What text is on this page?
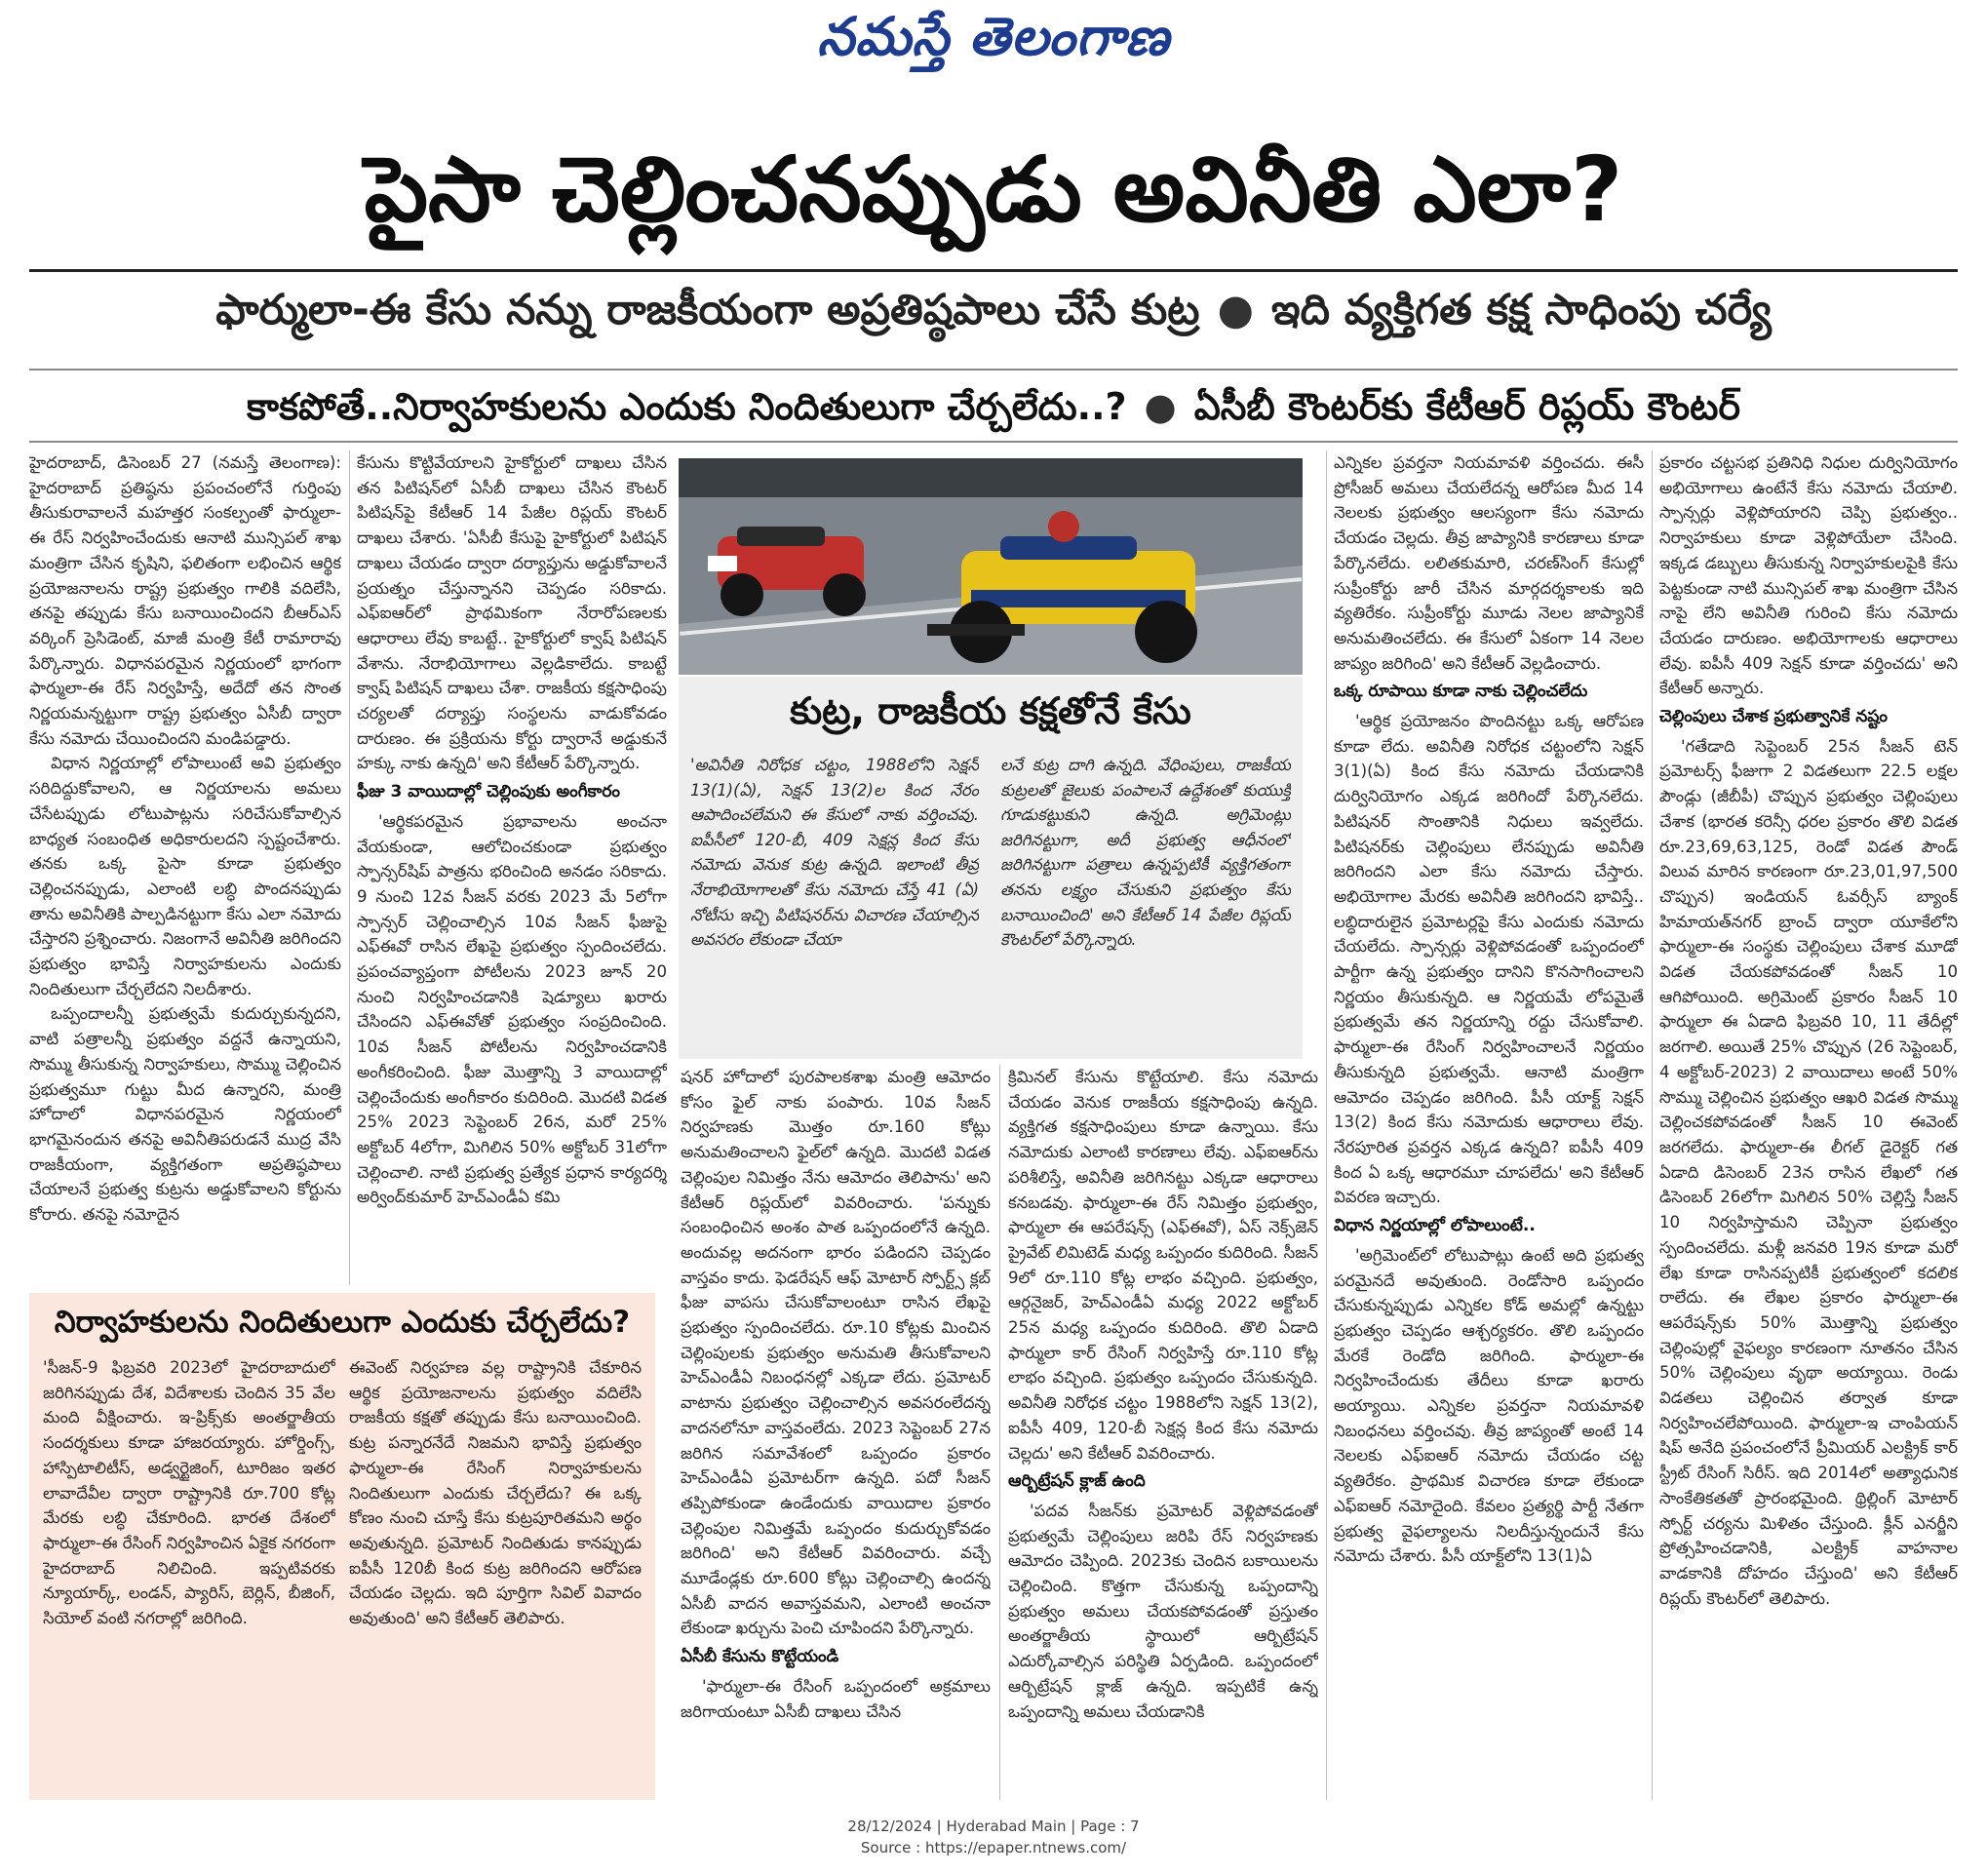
నమస్తే తెలంగాణ
పైసా చెల్లించనప్పుడు అవినీతి ఎలా?
ఫార్ములా-ఈ కేసు నన్ను రాజకీయంగా అప్రతిష్ఠపాలు చేసే కుట్ర ● ఇది వ్యక్తిగత కక్ష సాధింపు చర్యే
కాకపోతే..నిర్వాహకులను ఎందుకు నిందితులుగా చేర్చలేదు..? ● ఏసీబీ కౌంటర్‌కు కేటీఆర్ రిప్లయ్ కౌంటర్

హైదరాబాద్, డిసెంబర్ 27 (నమస్తే తెలంగాణ): హైదరాబాద్ ప్రతిష్ఠను ప్రపంచంలోనే గుర్తింపు తీసుకురావాలనే మహత్తర సంకల్పంతో ఫార్ములా-ఈ రేస్ నిర్వహించేందుకు ఆనాటి మున్సిపల్ శాఖ మంత్రిగా చేసిన కృషిని, ఫలితంగా లభించిన ఆర్థిక ప్రయోజనాలను రాష్ట్ర ప్రభుత్వం గాలికి వదిలేసి, తనపై తప్పుడు కేసు బనాయించిందని బీఆర్‌ఎస్ వర్కింగ్ ప్రెసిడెంట్, మాజీ మంత్రి కేటీ రామారావు పేర్కొన్నారు. విధానపరమైన నిర్ణయంలో భాగంగా ఫార్ములా-ఈ రేస్ నిర్వహిస్తే, అదేదో తన సొంత నిర్ణయమన్నట్టుగా రాష్ట్ర ప్రభుత్వం ఏసీబీ ద్వారా కేసు నమోదు చేయించిందని మండిపడ్డారు.

విధాన నిర్ణయాల్లో లోపాలుంటే అవి ప్రభుత్వం సరిదిద్దుకోవాలని, ఆ నిర్ణయాలను అమలు చేసేటప్పుడు లోటుపాట్లను సరిచేసుకోవాల్సిన బాధ్యత సంబంధిత అధికారులదని స్పష్టంచేశారు. తనకు ఒక్క పైసా కూడా ప్రభుత్వం చెల్లించనప్పుడు, ఎలాంటి లబ్ధి పొందనప్పుడు తాను అవినీతికి పాల్పడినట్టుగా కేసు ఎలా నమోదు చేస్తారని ప్రశ్నించారు. నిజంగానే అవినీతి జరిగిందని ప్రభుత్వం భావిస్తే నిర్వాహకులను ఎందుకు నిందితులుగా చేర్చలేదని నిలదీశారు.

ఒప్పందాలన్నీ ప్రభుత్వమే కుదుర్చుకున్నదని, వాటి పత్రాలన్నీ ప్రభుత్వం వద్దనే ఉన్నాయని, సొమ్ము తీసుకున్న నిర్వాహకులు, సొమ్ము చెల్లించిన ప్రభుత్వమూ గుట్టు మీద ఉన్నారని, మంత్రి హోదాలో విధానపరమైన నిర్ణయంలో భాగమైనందున తనపై అవినీతిపరుడనే ముద్ర వేసి రాజకీయంగా, వ్యక్తిగతంగా అప్రతిష్ఠపాలు చేయాలనే ప్రభుత్వ కుట్రను అడ్డుకోవాలని కోర్టును కోరారు. తనపై నమోదైన

కేసును కొట్టివేయాలని హైకోర్టులో దాఖలు చేసిన తన పిటిషన్‌లో ఏసీబీ దాఖలు చేసిన కౌంటర్ పిటిషన్‌పై కేటీఆర్ 14 పేజీల రిప్లయ్ కౌంటర్ దాఖలు చేశారు. 'ఏసీబీ కేసుపై హైకోర్టులో పిటిషన్ దాఖలు చేయడం ద్వారా దర్యాప్తును అడ్డుకోవాలనే ప్రయత్నం చేస్తున్నానని చెప్పడం సరికాదు. ఎఫ్ఐఆర్‌లో ప్రాథమికంగా నేరారోపణలకు ఆధారాలు లేవు కాబట్టే.. హైకోర్టులో క్వాష్ పిటిషన్ వేశాను. నేరాభియోగాలు వెల్లడికాలేదు. కాబట్టే క్వాష్ పిటిషన్ దాఖలు చేశా. రాజకీయ కక్షసాధింపు చర్యలతో దర్యాప్తు సంస్థలను వాడుకోవడం దారుణం. ఈ ప్రక్రియను కోర్టు ద్వారానే అడ్డుకునే హక్కు నాకు ఉన్నది' అని కేటీఆర్ పేర్కొన్నారు.

ఫీజు 3 వాయిదాల్లో చెల్లింపుకు అంగీకారం

'ఆర్థికపరమైన ప్రభావాలను అంచనా వేయకుండా, ఆలోచించకుండా ప్రభుత్వం స్పాన్సర్‌షిప్ పాత్రను భరించింది అనడం సరికాదు. 9 నుంచి 12వ సీజన్ వరకు 2023 మే 5లోగా స్పాన్సర్ చెల్లించాల్సిన 10వ సీజన్ ఫీజుపై ఎఫ్ఈవో రాసిన లేఖపై ప్రభుత్వం స్పందించలేదు. ప్రపంచవ్యాప్తంగా పోటీలను 2023 జూన్ 20 నుంచి నిర్వహించడానికి షెడ్యూలు ఖరారు చేసిందని ఎఫ్ఈవోతో ప్రభుత్వం సంప్రదించింది. 10వ సీజన్ పోటీలను నిర్వహించడానికి అంగీకరించింది. ఫీజు మొత్తాన్ని 3 వాయిదాల్లో చెల్లించేందుకు అంగీకారం కుదిరింది. మొదటి విడత 25% 2023 సెప్టెంబర్ 26న, మరో 25% అక్టోబర్ 4లోగా, మిగిలిన 50% అక్టోబర్ 31లోగా చెల్లించాలి. నాటి ప్రభుత్వ ప్రత్యేక ప్రధాన కార్యదర్శి అర్వింద్‌కుమార్ హెచ్ఎండీఏ కమి

కుట్ర, రాజకీయ కక్షతోనే కేసు

'అవినీతి నిరోధక చట్టం, 1988లోని సెక్షన్ 13(1)(ఏ), సెక్షన్ 13(2)ల కింద నేరం ఆపాదించలేమని ఈ కేసులో నాకు వర్తించవు. ఐపీసీలో 120-బీ, 409 సెక్షన్ల కింద కేసు నమోదు వెనుక కుట్ర ఉన్నది. ఇలాంటి తీవ్ర నేరాభియోగాలతో కేసు నమోదు చేస్తే 41 (ఏ) నోటీసు ఇచ్చి పిటిషనర్‌ను విచారణ చేయాల్సిన అవసరం లేకుండా చేయా

లనే కుట్ర దాగి ఉన్నది. వేధింపులు, రాజకీయ కుట్రలతో జైలుకు పంపాలనే ఉద్దేశంతో కుయుక్తి గూడుకట్టుకుని ఉన్నది. అగ్రిమెంట్లు జరిగినట్టుగా, అదీ ప్రభుత్వ ఆధీనంలో జరిగినట్టుగా పత్రాలు ఉన్నప్పటికీ వ్యక్తిగతంగా తనను లక్ష్యం చేసుకుని ప్రభుత్వం కేసు బనాయించింది' అని కేటీఆర్ 14 పేజీల రిప్లయ్ కౌంటర్‌లో పేర్కొన్నారు.

షనర్ హోదాలో పురపాలకశాఖ మంత్రి ఆమోదం కోసం ఫైల్ నాకు పంపారు. 10వ సీజన్ నిర్వహణకు మొత్తం రూ.160 కోట్లు అనుమతించాలని ఫైల్‌లో ఉన్నది. మొదటి విడత చెల్లింపుల నిమిత్తం నేను ఆమోదం తెలిపాను' అని కేటీఆర్ రిప్లయ్‌లో వివరించారు. 'పన్నుకు సంబంధించిన అంశం పాత ఒప్పందంలోనే ఉన్నది. అందువల్ల అదనంగా భారం పడిందని చెప్పడం వాస్తవం కాదు. ఫెడరేషన్ ఆఫ్ మోటార్ స్పోర్ట్స్ క్లబ్ ఫీజు వాపసు చేసుకోవాలంటూ రాసిన లేఖపై ప్రభుత్వం స్పందించలేదు. రూ.10 కోట్లకు మించిన చెల్లింపులకు ప్రభుత్వం అనుమతి తీసుకోవాలని హెచ్ఎండీఏ నిబంధనల్లో ఎక్కడా లేదు. ప్రమోటర్ వాటాను ప్రభుత్వం చెల్లించాల్సిన అవసరంలేదన్న వాదనలోనూ వాస్తవంలేదు. 2023 సెప్టెంబర్ 27న జరిగిన సమావేశంలో ఒప్పందం ప్రకారం హెచ్ఎండీఏ ప్రమోటర్‌గా ఉన్నది. పదో సీజన్ తప్పిపోకుండా ఉండేందుకు వాయిదాల ప్రకారం చెల్లింపుల నిమిత్తమే ఒప్పందం కుదుర్చుకోవడం జరిగింది' అని కేటీఆర్ వివరించారు. వచ్చే మూడేండ్లకు రూ.600 కోట్లు చెల్లించాల్సి ఉందన్న ఏసీబీ వాదన అవాస్తవమని, ఎలాంటి అంచనా లేకుండా ఖర్చును పెంచి చూపిందని పేర్కొన్నారు.

ఏసీబీ కేసును కొట్టేయండి

'ఫార్ములా-ఈ రేసింగ్ ఒప్పందంలో అక్రమాలు జరిగాయంటూ ఏసీబీ దాఖలు చేసిన

క్రిమినల్ కేసును కొట్టేయాలి. కేసు నమోదు చేయడం వెనుక రాజకీయ కక్షసాధింపు ఉన్నది. వ్యక్తిగత కక్షసాధింపులు కూడా ఉన్నాయి. కేసు నమోదుకు ఎలాంటి కారణాలు లేవు. ఎఫ్ఐఆర్‌ను పరిశీలిస్తే, అవినీతి జరిగినట్టు ఎక్కడా ఆధారాలు కనబడవు. ఫార్ములా-ఈ రేస్ నిమిత్తం ప్రభుత్వం, ఫార్ములా ఈ ఆపరేషన్స్ (ఎఫ్ఈవో), ఏస్ నెక్స్‌జెన్ ప్రైవేట్ లిమిటెడ్ మధ్య ఒప్పందం కుదిరింది. సీజన్ 9లో రూ.110 కోట్ల లాభం వచ్చింది. ప్రభుత్వం, ఆర్గనైజర్, హెచ్ఎండీఏ మధ్య 2022 అక్టోబర్ 25న మధ్య ఒప్పందం కుదిరింది. తొలి ఏడాది ఫార్ములా కార్ రేసింగ్ నిర్వహిస్తే రూ.110 కోట్ల లాభం వచ్చింది. ప్రభుత్వం ఒప్పందం చేసుకున్నది. అవినీతి నిరోధక చట్టం 1988లోని సెక్షన్ 13(2), ఐపీసీ 409, 120-బీ సెక్షన్ల కింద కేసు నమోదు చెల్లదు' అని కేటీఆర్ వివరించారు.

ఆర్బిట్రేషన్ క్లాజ్ ఉంది

'పదవ సీజన్‌కు ప్రమోటర్ వెళ్లిపోవడంతో ప్రభుత్వమే చెల్లింపులు జరిపి రేస్ నిర్వహణకు ఆమోదం చెప్పింది. 2023కు చెందిన బకాయిలను చెల్లించింది. కొత్తగా చేసుకున్న ఒప్పందాన్ని ప్రభుత్వం అమలు చేయకపోవడంతో ప్రస్తుతం అంతర్జాతీయ స్థాయిలో ఆర్బిట్రేషన్ ఎదుర్కోవాల్సిన పరిస్థితి ఏర్పడింది. ఒప్పందంలో ఆర్బిట్రేషన్ క్లాజ్ ఉన్నది. ఇప్పటికే ఉన్న ఒప్పందాన్ని అమలు చేయడానికి

ఎన్నికల ప్రవర్తనా నియమావళి వర్తించదు. ఈసీ ప్రోసీజర్ అమలు చేయలేదన్న ఆరోపణ మీద 14 నెలలకు ప్రభుత్వం ఆలస్యంగా కేసు నమోదు చేయడం చెల్లదు. తీవ్ర జాప్యానికి కారణాలు కూడా పేర్కొనలేదు. లలితకుమారి, చరణ్‌సింగ్ కేసుల్లో సుప్రీంకోర్టు జారీ చేసిన మార్గదర్శకాలకు ఇది వ్యతిరేకం. సుప్రీంకోర్టు మూడు నెలల జాప్యానికే అనుమతించలేదు. ఈ కేసులో ఏకంగా 14 నెలల జాప్యం జరిగింది' అని కేటీఆర్ వెల్లడించారు.

ఒక్క రూపాయి కూడా నాకు చెల్లించలేదు

'ఆర్థిక ప్రయోజనం పొందినట్టు ఒక్క ఆరోపణ కూడా లేదు. అవినీతి నిరోధక చట్టంలోని సెక్షన్ 3(1)(ఏ) కింద కేసు నమోదు చేయడానికి దుర్వినియోగం ఎక్కడ జరిగిందో పేర్కొనలేదు. పిటిషనర్ సొంతానికి నిధులు ఇవ్వలేదు. పిటిషనర్‌కు చెల్లింపులు లేనప్పుడు అవినీతి జరిగిందని ఎలా కేసు నమోదు చేస్తారు. అభియోగాల మేరకు అవినీతి జరిగిందని భావిస్తే.. లబ్ధిదారులైన ప్రమోటర్లపై కేసు ఎందుకు నమోదు చేయలేదు. స్పాన్సర్లు వెళ్లిపోవడంతో ఒప్పందంలో పార్టీగా ఉన్న ప్రభుత్వం దానిని కొనసాగించాలని నిర్ణయం తీసుకున్నది. ఆ నిర్ణయమే లోపమైతే ప్రభుత్వమే తన నిర్ణయాన్ని రద్దు చేసుకోవాలి. ఫార్ములా-ఈ రేసింగ్ నిర్వహించాలనే నిర్ణయం తీసుకున్నది ప్రభుత్వమే. ఆనాటి మంత్రిగా ఆమోదం చెప్పడం జరిగింది. పీసీ యాక్ట్ సెక్షన్ 13(2) కింద కేసు నమోదుకు ఆధారాలు లేవు. నేరపూరిత ప్రవర్తన ఎక్కడ ఉన్నది? ఐపీసీ 409 కింద ఏ ఒక్క ఆధారమూ చూపలేదు' అని కేటీఆర్ వివరణ ఇచ్చారు.

విధాన నిర్ణయాల్లో లోపాలుంటే..

'అగ్రిమెంట్‌లో లోటుపాట్లు ఉంటే అది ప్రభుత్వ పరమైనదే అవుతుంది. రెండోసారి ఒప్పందం చేసుకున్నప్పుడు ఎన్నికల కోడ్ అమల్లో ఉన్నట్టు ప్రభుత్వం చెప్పడం ఆశ్చర్యకరం. తొలి ఒప్పందం మేరకే రెండోది జరిగింది. ఫార్ములా-ఈ నిర్వహించేందుకు తేదీలు కూడా ఖరారు అయ్యాయి. ఎన్నికల ప్రవర్తనా నియమావళి నిబంధనలు వర్తించవు. తీవ్ర జాప్యంతో అంటే 14 నెలలకు ఎఫ్ఐఆర్ నమోదు చేయడం చట్ట వ్యతిరేకం. ప్రాథమిక విచారణ కూడా లేకుండా ఎఫ్ఐఆర్ నమోదైంది. కేవలం ప్రత్యర్థి పార్టీ నేతగా ప్రభుత్వ వైఫల్యాలను నిలదీస్తున్నందునే కేసు నమోదు చేశారు. పీసీ యాక్ట్‌లోని 13(1)ఏ

ప్రకారం చట్టసభ ప్రతినిధి నిధుల దుర్వినియోగం అభియోగాలు ఉంటేనే కేసు నమోదు చేయాలి. స్పాన్సర్లు వెళ్లిపోయారని చెప్పి ప్రభుత్వం.. నిర్వాహకులు కూడా వెళ్లిపోయేలా చేసింది. ఇక్కడ డబ్బులు తీసుకున్న నిర్వాహకులపైకి కేసు పెట్టకుండా నాటి మున్సిపల్ శాఖ మంత్రిగా చేసిన నాపై లేని అవినీతి గురించి కేసు నమోదు చేయడం దారుణం. అభియోగాలకు ఆధారాలు లేవు. ఐపీసీ 409 సెక్షన్ కూడా వర్తించదు' అని కేటీఆర్ అన్నారు.

చెల్లింపులు చేశాక ప్రభుత్వానికే నష్టం

'గతేడాది సెప్టెంబర్ 25న సీజన్ టెన్ ప్రమోటర్స్ ఫీజుగా 2 విడతలుగా 22.5 లక్షల పౌండ్లు (జీబీపీ) చొప్పున ప్రభుత్వం చెల్లింపులు చేశాక (భారత కరెన్సీ ధరల ప్రకారం తొలి విడత రూ.23,69,63,125, రెండో విడత పౌండ్ విలువ మారిన కారణంగా రూ.23,01,97,500 చొప్పున) ఇండియన్ ఓవర్సీస్ బ్యాంక్ హిమాయత్‌నగర్ బ్రాంచ్ ద్వారా యూకేలోని ఫార్ములా-ఈ సంస్థకు చెల్లింపులు చేశాక మూడో విడత చేయకపోవడంతో సీజన్ 10 ఆగిపోయింది. అగ్రిమెంట్ ప్రకారం సీజన్ 10 ఫార్ములా ఈ ఏడాది ఫిబ్రవరి 10, 11 తేదీల్లో జరగాలి. అయితే 25% చొప్పున (26 సెప్టెంబర్, 4 అక్టోబర్-2023) 2 వాయిదాలు అంటే 50% సొమ్ము చెల్లించిన ప్రభుత్వం ఆఖరి విడత సొమ్ము చెల్లించకపోవడంతో సీజన్ 10 ఈవెంట్ జరగలేదు. ఫార్ములా-ఈ లీగల్ డైరెక్టర్ గత ఏడాది డిసెంబర్ 23న రాసిన లేఖలో గత డిసెంబర్ 26లోగా మిగిలిన 50% చెల్లిస్తే సీజన్ 10 నిర్వహిస్తామని చెప్పినా ప్రభుత్వం స్పందించలేదు. మళ్లీ జనవరి 19న కూడా మరో లేఖ కూడా రాసినప్పటికీ ప్రభుత్వంలో కదలిక రాలేదు. ఈ లేఖల ప్రకారం ఫార్ములా-ఈ ఆపరేషన్స్‌కు 50% మొత్తాన్ని ప్రభుత్వం చెల్లింపుల్లో వైఫల్యం కారణంగా నూతనం చేసిన 50% చెల్లింపులు వృథా అయ్యాయి. రెండు విడతలు చెల్లించిన తర్వాత కూడా నిర్వహించలేపోయింది. ఫార్ములా-ఇ చాంపియన్ షిప్ అనేది ప్రపంచంలోనే ప్రీమియర్ ఎలక్ట్రిక్ కార్ స్ట్రీట్ రేసింగ్ సిరీస్. ఇది 2014లో అత్యాధునిక సాంకేతికతతో ప్రారంభమైంది. థ్రిల్లింగ్ మోటార్ స్పోర్ట్ చర్యను మిళితం చేస్తుంది. క్లీన్ ఎనర్జీని ప్రోత్సహించడానికి, ఎలక్ట్రిక్ వాహనాల వాడకానికి దోహదం చేస్తుంది' అని కేటీఆర్ రిప్లయ్ కౌంటర్‌లో తెలిపారు.

నిర్వాహకులను నిందితులుగా ఎందుకు చేర్చలేదు?

'సీజన్-9 ఫిబ్రవరి 2023లో హైదరాబాదులో జరిగినప్పుడు దేశ, విదేశాలకు చెందిన 35 వేల మంది వీక్షించారు. ఇ-ప్రిక్స్‌కు అంతర్జాతీయ సందర్శకులు కూడా హాజరయ్యారు. హోర్డింగ్స్, హాస్పిటాలిటీస్, అడ్వర్టైజింగ్, టూరిజం ఇతర లావాదేవీల ద్వారా రాష్ట్రానికి రూ.700 కోట్ల మేరకు లబ్ధి చేకూరింది. భారత దేశంలో ఫార్ములా-ఈ రేసింగ్ నిర్వహించిన ఏకైక నగరంగా హైదరాబాద్ నిలిచింది. ఇప్పటివరకు న్యూయార్క్, లండన్, ప్యారిస్, బెర్లిన్, బీజింగ్, సియోల్ వంటి నగరాల్లో జరిగింది.

ఈవెంట్ నిర్వహణ వల్ల రాష్ట్రానికి చేకూరిన ఆర్థిక ప్రయోజనాలను ప్రభుత్వం వదిలేసి రాజకీయ కక్షతో తప్పుడు కేసు బనాయించింది. కుట్ర పన్నారనేదే నిజమని భావిస్తే ప్రభుత్వం ఫార్ములా-ఈ రేసింగ్ నిర్వాహకులను నిందితులుగా ఎందుకు చేర్చలేదు? ఈ ఒక్క కోణం నుంచి చూస్తే కేసు కుట్రపూరితమని అర్థం అవుతున్నది. ప్రమోటర్ నిందితుడు కానప్పుడు ఐపీసీ 120బీ కింద కుట్ర జరిగిందని ఆరోపణ చేయడం చెల్లదు. ఇది పూర్తిగా సివిల్ వివాదం అవుతుంది' అని కేటీఆర్ తెలిపారు.

28/12/2024 | Hyderabad Main | Page : 7
Source : https://epaper.ntnews.com/
